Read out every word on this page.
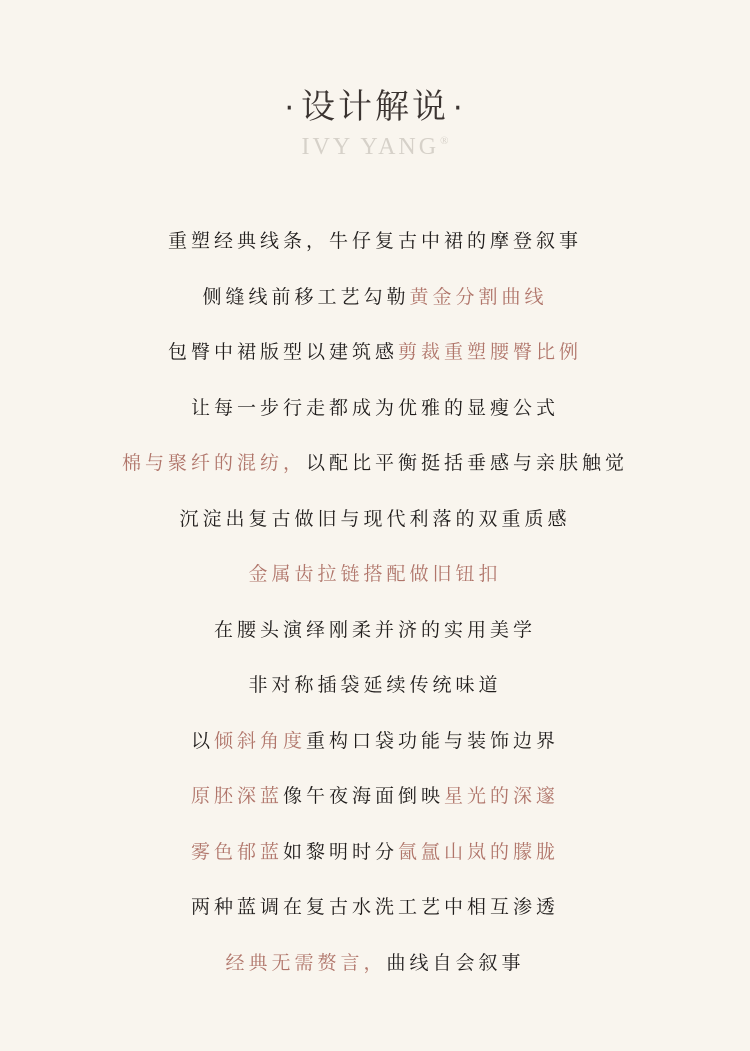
· 设计解说 ·
IVY YANG®
重塑经典线条，牛仔复古中裙的摩登叙事
侧缝线前移工艺勾勒黄金分割曲线
包臀中裙版型以建筑感剪裁重塑腰臀比例
让每一步行走都成为优雅的显瘦公式
棉与聚纤的混纺，以配比平衡挺括垂感与亲肤触觉
沉淀出复古做旧与现代利落的双重质感
金属齿拉链搭配做旧钮扣
在腰头演绎刚柔并济的实用美学
非对称插袋延续传统味道
以倾斜角度重构口袋功能与装饰边界
原胚深蓝像午夜海面倒映星光的深邃
雾色郁蓝如黎明时分氤氲山岚的朦胧
两种蓝调在复古水洗工艺中相互渗透
经典无需赘言，曲线自会叙事
